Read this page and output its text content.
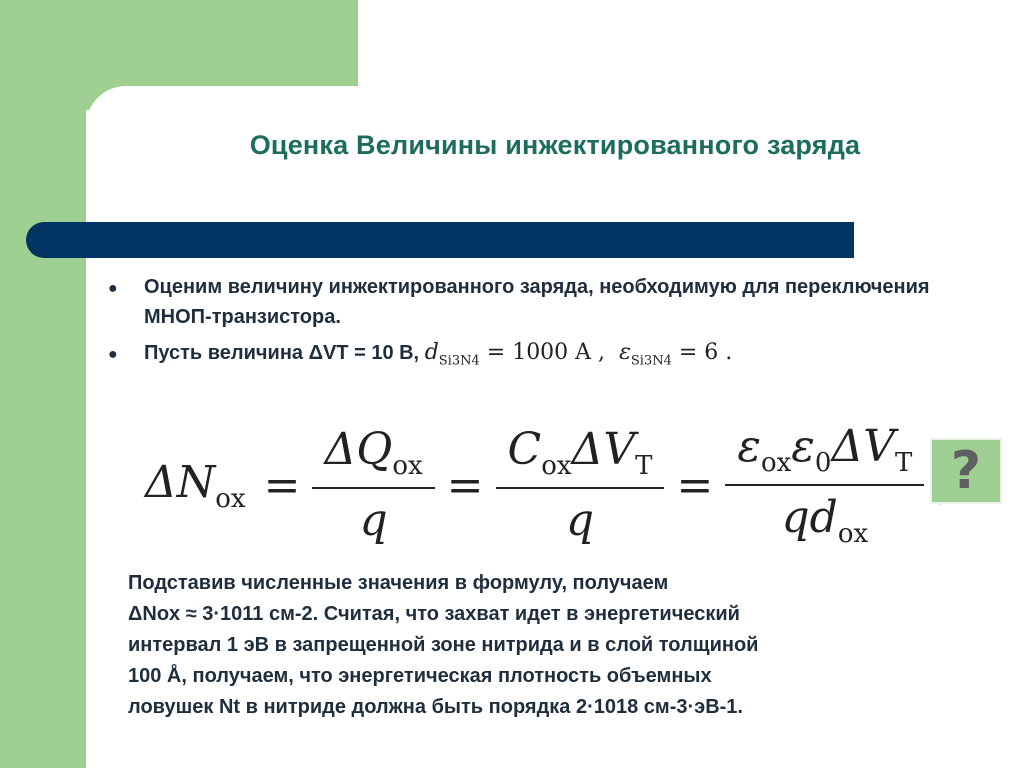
Оценка Величины инжектированного заряда
● Оценим величину инжектированного заряда, необходимую для переключения МНОП-транзистора.
● Пусть величина ΔVT = 10 В, $d_{Si3N4} = 1000$ A , $\varepsilon_{Si3N4} = 6$ .
$\Delta N_{ox} = \frac{\Delta Q_{ox}}{q} = \frac{C_{ox}\Delta V_T}{q} = \frac{\varepsilon_{ox}\varepsilon_0\Delta V_T}{qd_{ox}}$ ?

Подставив численные значения в формулу, получаем

ΔNox ≈ 3·1011 см-2. Считая, что захват идет в энергетический

интервал 1 эВ в запрещенной зоне нитрида и в слой толщиной

100 Å, получаем, что энергетическая плотность объемных

ловушек Nt в нитриде должна быть порядка 2·1018 см-3·эВ-1.
